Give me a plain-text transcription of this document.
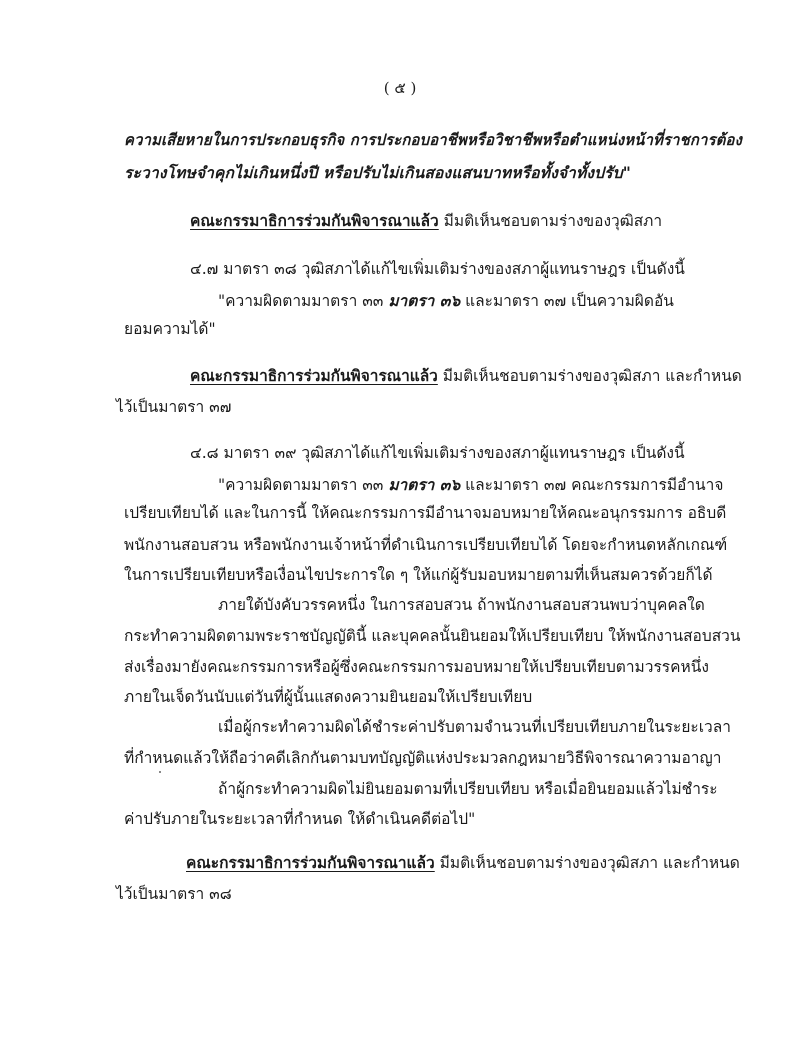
( ๕ )
ความเสียหายในการประกอบธุรกิจ การประกอบอาชีพหรือวิชาชีพหรือตำแหน่งหน้าที่ราชการต้อง
ระวางโทษจำคุกไม่เกินหนึ่งปี หรือปรับไม่เกินสองแสนบาทหรือทั้งจำทั้งปรับ"
คณะกรรมาธิการร่วมกันพิจารณาแล้ว มีมติเห็นชอบตามร่างของวุฒิสภา
๔.๗ มาตรา ๓๘ วุฒิสภาได้แก้ไขเพิ่มเติมร่างของสภาผู้แทนราษฎร เป็นดังนี้
"ความผิดตามมาตรา ๓๓ มาตรา ๓๖ และมาตรา ๓๗ เป็นความผิดอัน
ยอมความได้"
คณะกรรมาธิการร่วมกันพิจารณาแล้ว มีมติเห็นชอบตามร่างของวุฒิสภา และกำหนด
ไว้เป็นมาตรา ๓๗
๔.๘ มาตรา ๓๙ วุฒิสภาได้แก้ไขเพิ่มเติมร่างของสภาผู้แทนราษฎร เป็นดังนี้
"ความผิดตามมาตรา ๓๓ มาตรา ๓๖ และมาตรา ๓๗ คณะกรรมการมีอำนาจ
เปรียบเทียบได้ และในการนี้ ให้คณะกรรมการมีอำนาจมอบหมายให้คณะอนุกรรมการ อธิบดี
พนักงานสอบสวน หรือพนักงานเจ้าหน้าที่ดำเนินการเปรียบเทียบได้ โดยจะกำหนดหลักเกณฑ์
ในการเปรียบเทียบหรือเงื่อนไขประการใด ๆ ให้แก่ผู้รับมอบหมายตามที่เห็นสมควรด้วยก็ได้
ภายใต้บังคับวรรคหนึ่ง ในการสอบสวน ถ้าพนักงานสอบสวนพบว่าบุคคลใด
กระทำความผิดตามพระราชบัญญัตินี้ และบุคคลนั้นยินยอมให้เปรียบเทียบ ให้พนักงานสอบสวน
ส่งเรื่องมายังคณะกรรมการหรือผู้ซึ่งคณะกรรมการมอบหมายให้เปรียบเทียบตามวรรคหนึ่ง
ภายในเจ็ดวันนับแต่วันที่ผู้นั้นแสดงความยินยอมให้เปรียบเทียบ
เมื่อผู้กระทำความผิดได้ชำระค่าปรับตามจำนวนที่เปรียบเทียบภายในระยะเวลา
ที่กำหนดแล้วให้ถือว่าคดีเลิกกันตามบทบัญญัติแห่งประมวลกฎหมายวิธีพิจารณาความอาญา
ถ้าผู้กระทำความผิดไม่ยินยอมตามที่เปรียบเทียบ หรือเมื่อยินยอมแล้วไม่ชำระ
ค่าปรับภายในระยะเวลาที่กำหนด ให้ดำเนินคดีต่อไป"
คณะกรรมาธิการร่วมกันพิจารณาแล้ว มีมติเห็นชอบตามร่างของวุฒิสภา และกำหนด
ไว้เป็นมาตรา ๓๘
